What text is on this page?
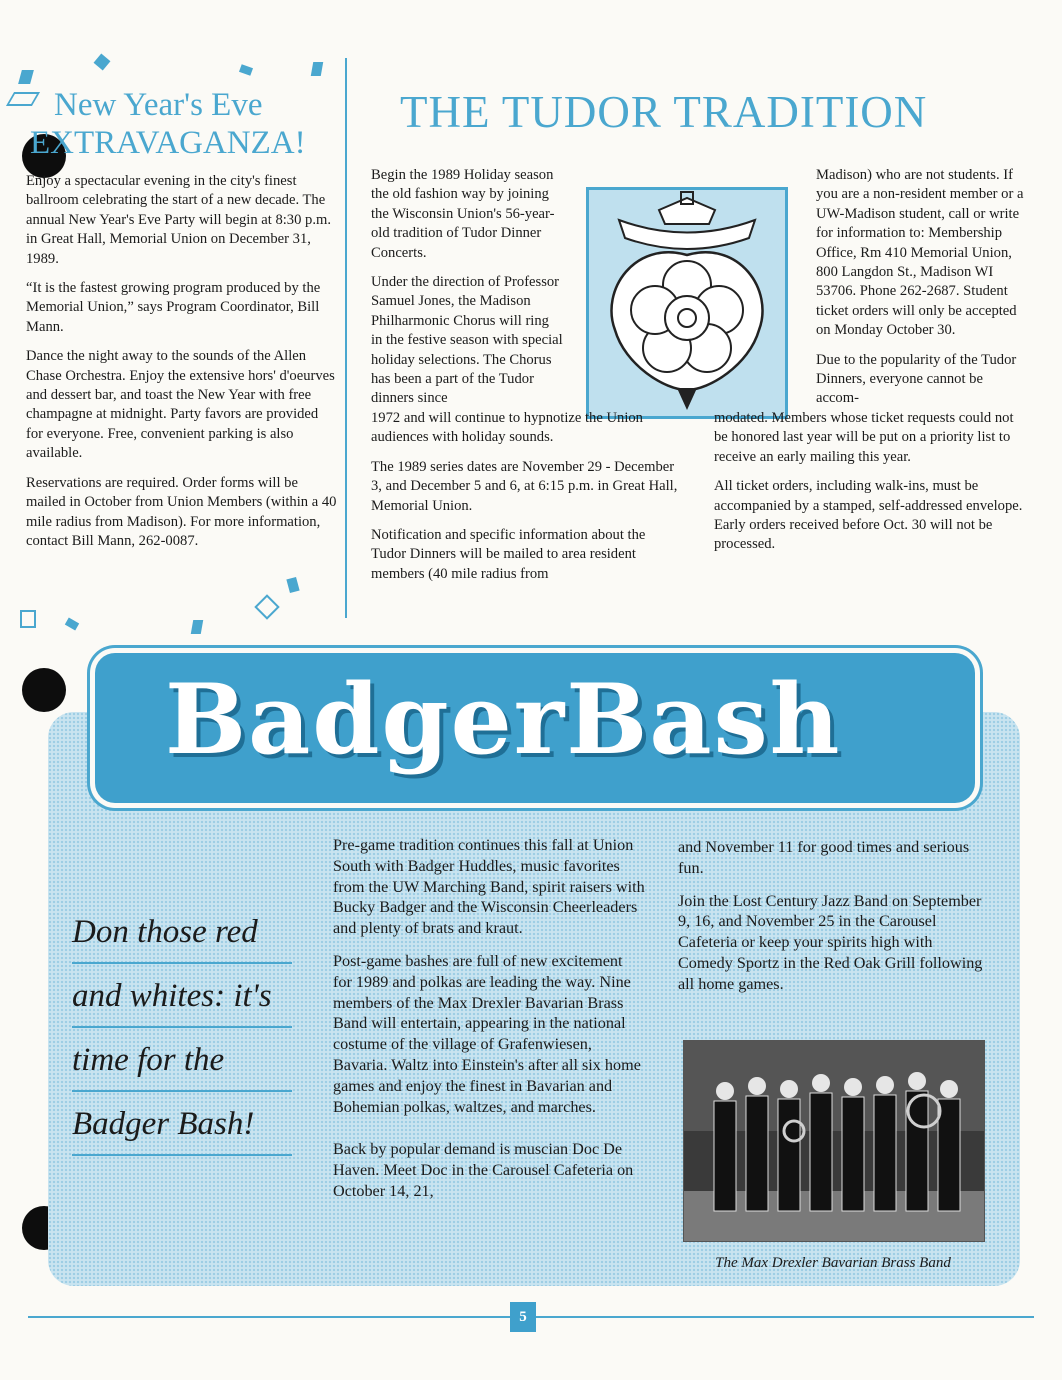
New Year's Eve
EXTRAVAGANZA!

Enjoy a spectacular evening in the city's finest ballroom celebrating the start of a new decade. The annual New Year's Eve Party will begin at 8:30 p.m. in Great Hall, Memorial Union on December 31, 1989.

“It is the fastest growing program produced by the Memorial Union,” says Program Coordinator, Bill Mann.

Dance the night away to the sounds of the Allen Chase Orchestra. Enjoy the extensive hors' d'oeurves and dessert bar, and toast the New Year with free champagne at midnight. Party favors are provided for everyone. Free, convenient parking is also available.

Reservations are required. Order forms will be mailed in October from Union Members (within a 40 mile radius from Madison). For more information, contact Bill Mann, 262-0087.

THE TUDOR TRADITION

Begin the 1989 Holiday season the old fashion way by joining the Wisconsin Union's 56-year-old tradition of Tudor Dinner Concerts.

Under the direction of Professor Samuel Jones, the Madison Philharmonic Chorus will ring in the festive season with special holiday selections. The Chorus has been a part of the Tudor dinners since

1972 and will continue to hypnotize the Union audiences with holiday sounds.

The 1989 series dates are November 29 - December 3, and December 5 and 6, at 6:15 p.m. in Great Hall, Memorial Union.

Notification and specific information about the Tudor Dinners will be mailed to area resident members (40 mile radius from

Madison) who are not students. If you are a non-resident member or a UW-Madison student, call or write for information to: Membership Office, Rm 410 Memorial Union, 800 Langdon St., Madison WI 53706. Phone 262-2687. Student ticket orders will only be accepted on Monday October 30.

Due to the popularity of the Tudor Dinners, everyone cannot be accom-

modated. Members whose ticket requests could not be honored last year will be put on a priority list to receive an early mailing this year.

All ticket orders, including walk-ins, must be accompanied by a stamped, self-addressed envelope. Early orders received before Oct. 30 will not be processed.

BadgerBash
Don those red
and whites: it's
time for the
Badger Bash!

Pre-game tradition continues this fall at Union South with Badger Huddles, music favorites from the UW Marching Band, spirit raisers with Bucky Badger and the Wisconsin Cheerleaders and plenty of brats and kraut.

Post-game bashes are full of new excitement for 1989 and polkas are leading the way. Nine members of the Max Drexler Bavarian Brass Band will entertain, appearing in the national costume of the village of Grafenwiesen, Bavaria. Waltz into Einstein's after all six home games and enjoy the finest in Bavarian and Bohemian polkas, waltzes, and marches.

Back by popular demand is muscian Doc De Haven. Meet Doc in the Carousel Cafeteria on October 14, 21,

and November 11 for good times and serious fun.

Join the Lost Century Jazz Band on September 9, 16, and November 25 in the Carousel Cafeteria or keep your spirits high with Comedy Sportz in the Red Oak Grill following all home games.

The Max Drexler Bavarian Brass Band
5
